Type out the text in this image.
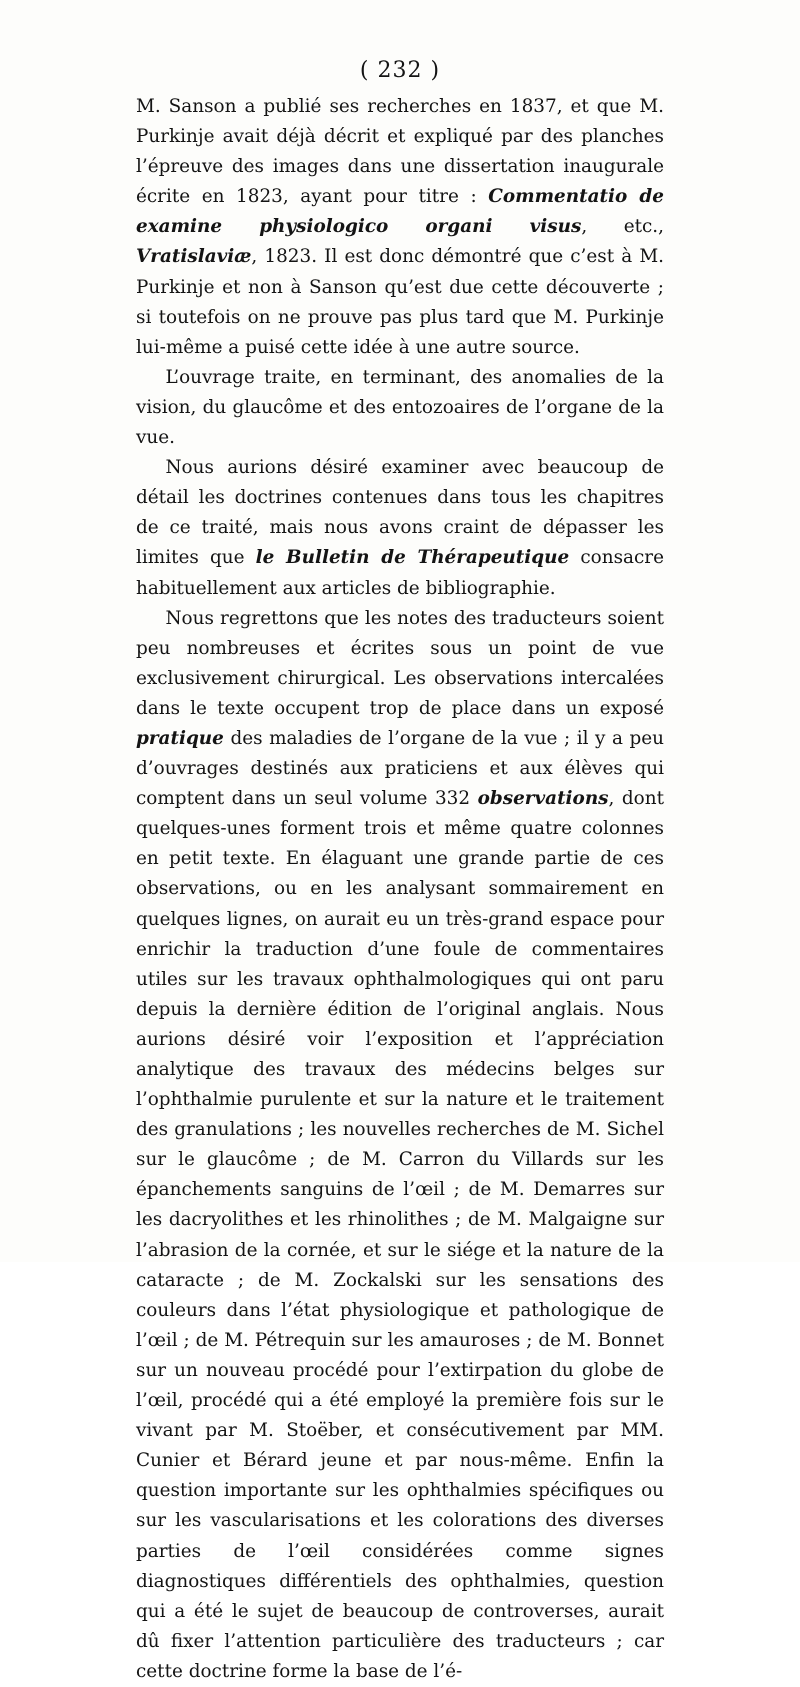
( 232 )

M. Sanson a publié ses recherches en 1837, et que M. Purkinje avait déjà décrit et expliqué par des planches l’épreuve des images dans une dissertation inaugurale écrite en 1823, ayant pour titre : Commentatio de examine physiologico organi visus, etc., Vratislaviæ, 1823. Il est donc démontré que c’est à M. Purkinje et non à Sanson qu’est due cette découverte ; si toutefois on ne prouve pas plus tard que M. Purkinje lui-même a puisé cette idée à une autre source.

L’ouvrage traite, en terminant, des anomalies de la vision, du glaucôme et des entozoaires de l’organe de la vue.

Nous aurions désiré examiner avec beaucoup de détail les doctrines contenues dans tous les chapitres de ce traité, mais nous avons craint de dépasser les limites que le Bulletin de Thérapeutique consacre habituellement aux articles de bibliographie.

Nous regrettons que les notes des traducteurs soient peu nombreuses et écrites sous un point de vue exclusivement chirurgical. Les observations intercalées dans le texte occupent trop de place dans un exposé pratique des maladies de l’organe de la vue ; il y a peu d’ouvrages destinés aux praticiens et aux élèves qui comptent dans un seul volume 332 observations, dont quelques-unes forment trois et même quatre colonnes en petit texte. En élaguant une grande partie de ces observations, ou en les analysant sommairement en quelques lignes, on aurait eu un très-grand espace pour enrichir la traduction d’une foule de commentaires utiles sur les travaux ophthalmologiques qui ont paru depuis la dernière édition de l’original anglais. Nous aurions désiré voir l’exposition et l’appréciation analytique des travaux des médecins belges sur l’ophthalmie purulente et sur la nature et le traitement des granulations ; les nouvelles recherches de M. Sichel sur le glaucôme ; de M. Carron du Villards sur les épanchements sanguins de l’œil ; de M. Demarres sur les dacryolithes et les rhinolithes ; de M. Malgaigne sur l’abrasion de la cornée, et sur le siége et la nature de la cataracte ; de M. Zockalski sur les sensations des couleurs dans l’état physiologique et pathologique de l’œil ; de M. Pétrequin sur les amauroses ; de M. Bonnet sur un nouveau procédé pour l’extirpation du globe de l’œil, procédé qui a été employé la première fois sur le vivant par M. Stoëber, et consécutivement par MM. Cunier et Bérard jeune et par nous-même. Enfin la question importante sur les ophthalmies spécifiques ou sur les vascularisations et les colorations des diverses parties de l’œil considérées comme signes diagnostiques différentiels des ophthalmies, question qui a été le sujet de beaucoup de controverses, aurait dû fixer l’attention particulière des traducteurs ; car cette doctrine forme la base de l’é-
